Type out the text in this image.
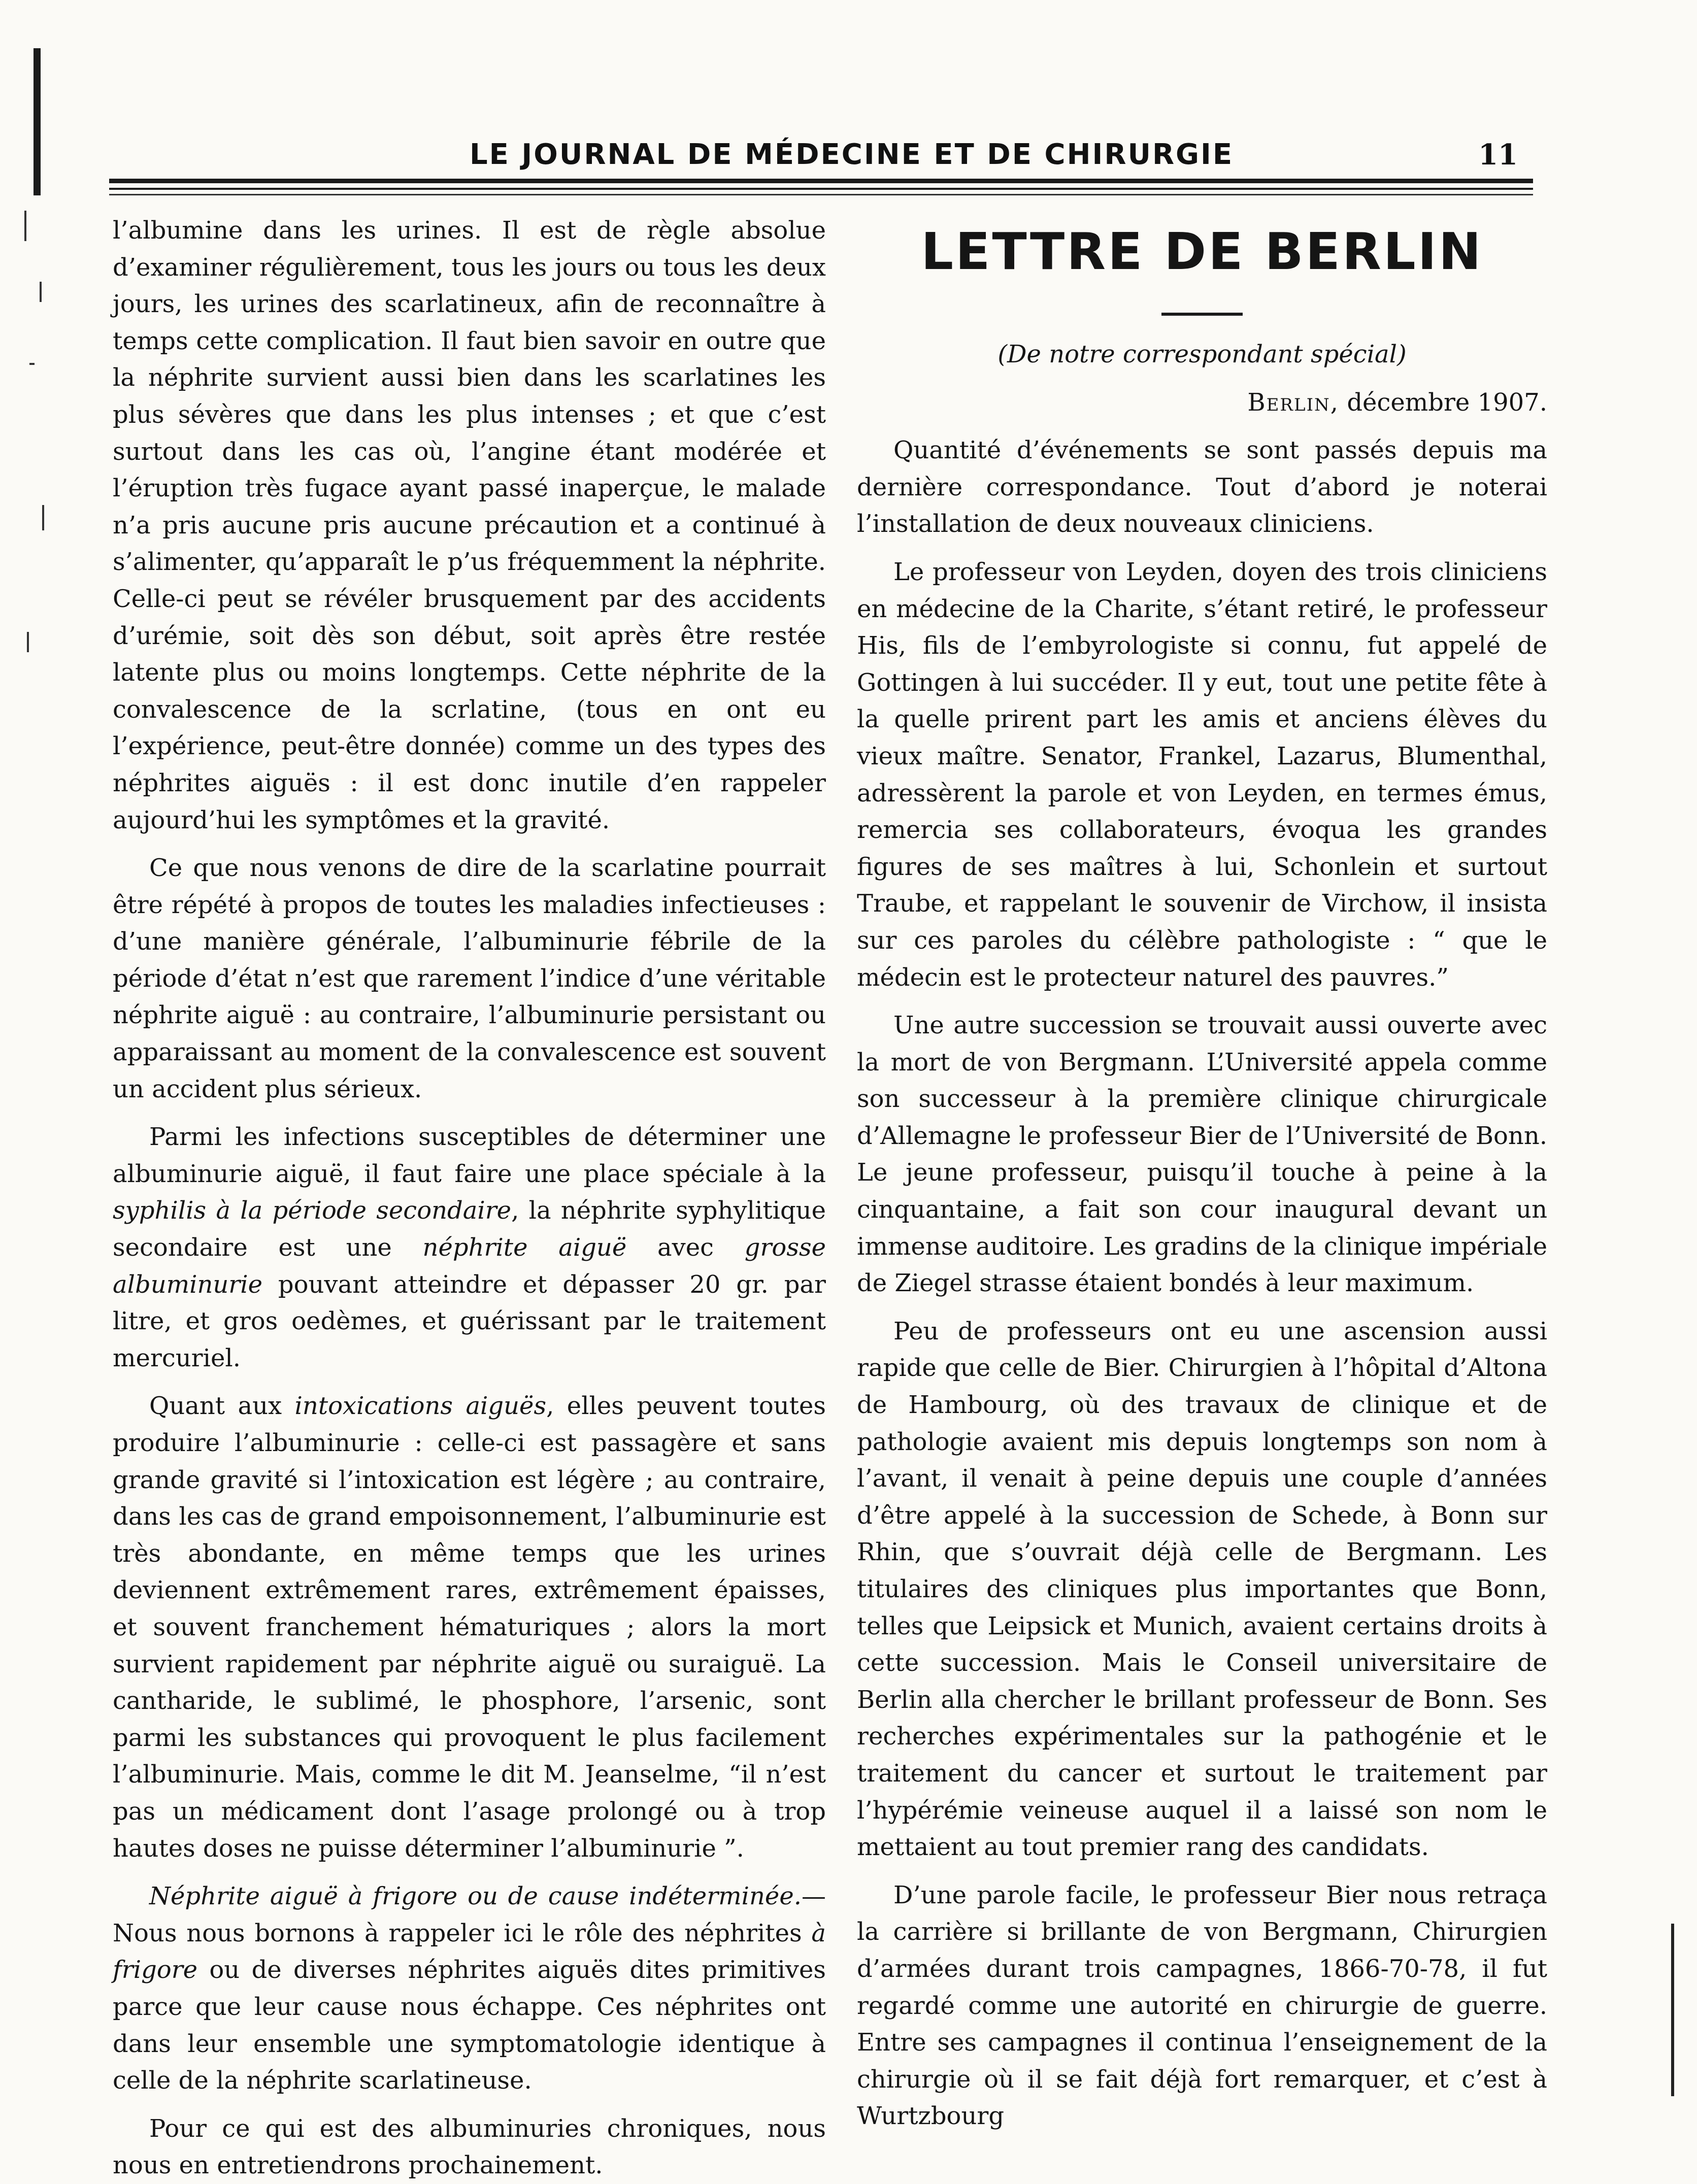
LE JOURNAL DE MÉDECINE ET DE CHIRURGIE	11

l’albumine dans les urines. Il est de règle absolue d’examiner régulièrement, tous les jours ou tous les deux jours, les urines des scarlatineux, afin de reconnaître à temps cette complication. Il faut bien savoir en outre que la néphrite survient aussi bien dans les scarlatines les plus sévères que dans les plus intenses ; et que c’est surtout dans les cas où, l’angine étant modérée et l’éruption très fugace ayant passé inaperçue, le malade n’a pris aucune pris aucune précaution et a continué à s’alimenter, qu’apparaît le p’us fréquemment la néphrite. Celle-ci peut se révéler brusquement par des accidents d’urémie, soit dès son début, soit après être restée latente plus ou moins longtemps. Cette néphrite de la convalescence de la scrlatine, (tous en ont eu l’expérience, peut-être donnée) comme un des types des néphrites aiguës : il est donc inutile d’en rappeler aujourd’hui les symptômes et la gravité.

Ce que nous venons de dire de la scarlatine pourrait être répété à propos de toutes les maladies infectieuses : d’une manière générale, l’albuminurie fébrile de la période d’état n’est que rarement l’indice d’une véritable néphrite aiguë : au contraire, l’albuminurie persistant ou apparaissant au moment de la convalescence est souvent un accident plus sérieux.

Parmi les infections susceptibles de déterminer une albuminurie aiguë, il faut faire une place spéciale à la syphilis à la période secondaire, la néphrite syphylitique secondaire est une néphrite aiguë avec grosse albuminurie pouvant atteindre et dépasser 20 gr. par litre, et gros oedèmes, et guérissant par le traitement mercuriel.

Quant aux intoxications aiguës, elles peuvent toutes produire l’albuminurie : celle-ci est passagère et sans grande gravité si l’intoxication est légère ; au contraire, dans les cas de grand empoisonnement, l’albuminurie est très abondante, en même temps que les urines deviennent extrêmement rares, extrêmement épaisses, et souvent franchement hématuriques ; alors la mort survient rapidement par néphrite aiguë ou suraiguë. La cantharide, le sublimé, le phosphore, l’arsenic, sont parmi les substances qui provoquent le plus facilement l’albuminurie. Mais, comme le dit M. Jeanselme, “il n’est pas un médicament dont l’asage prolongé ou à trop hautes doses ne puisse déterminer l’albuminurie ”.

Néphrite aiguë à frigore ou de cause indéterminée.—Nous nous bornons à rappeler ici le rôle des néphrites à frigore ou de diverses néphrites aiguës dites primitives parce que leur cause nous échappe. Ces néphrites ont dans leur ensemble une symptomatologie identique à celle de la néphrite scarlatineuse.

Pour ce qui est des albuminuries chroniques, nous nous en entretiendrons prochainement.

LETTRE DE BERLIN

(De notre correspondant spécial)

Berlin, décembre 1907.

Quantité d’événements se sont passés depuis ma dernière correspondance. Tout d’abord je noterai l’installation de deux nouveaux cliniciens.

Le professeur von Leyden, doyen des trois cliniciens en médecine de la Charite, s’étant retiré, le professeur His, fils de l’embyrologiste si connu, fut appelé de Gottingen à lui succéder. Il y eut, tout une petite fête à la quelle prirent part les amis et anciens élèves du vieux maître. Senator, Frankel, Lazarus, Blumenthal, adressèrent la parole et von Leyden, en termes émus, remercia ses collaborateurs, évoqua les grandes figures de ses maîtres à lui, Schonlein et surtout Traube, et rappelant le souvenir de Virchow, il insista sur ces paroles du célèbre pathologiste : “ que le médecin est le protecteur naturel des pauvres.”

Une autre succession se trouvait aussi ouverte avec la mort de von Bergmann. L’Université appela comme son successeur à la première clinique chirurgicale d’Allemagne le professeur Bier de l’Université de Bonn. Le jeune professeur, puisqu’il touche à peine à la cinquantaine, a fait son cour inaugural devant un immense auditoire. Les gradins de la clinique impériale de Ziegel strasse étaient bondés à leur maximum.

Peu de professeurs ont eu une ascension aussi rapide que celle de Bier. Chirurgien à l’hôpital d’Altona de Hambourg, où des travaux de clinique et de pathologie avaient mis depuis longtemps son nom à l’avant, il venait à peine depuis une couple d’années d’être appelé à la succession de Schede, à Bonn sur Rhin, que s’ouvrait déjà celle de Bergmann. Les titulaires des cliniques plus importantes que Bonn, telles que Leipsick et Munich, avaient certains droits à cette succession. Mais le Conseil universitaire de Berlin alla chercher le brillant professeur de Bonn. Ses recherches expérimentales sur la pathogénie et le traitement du cancer et surtout le traitement par l’hypérémie veineuse auquel il a laissé son nom le mettaient au tout premier rang des candidats.

D’une parole facile, le professeur Bier nous retraça la carrière si brillante de von Bergmann, Chirurgien d’armées durant trois campagnes, 1866-70-78, il fut regardé comme une autorité en chirurgie de guerre. Entre ses campagnes il continua l’enseignement de la chirurgie où il se fait déjà fort remarquer, et c’est à Wurtzbourg
